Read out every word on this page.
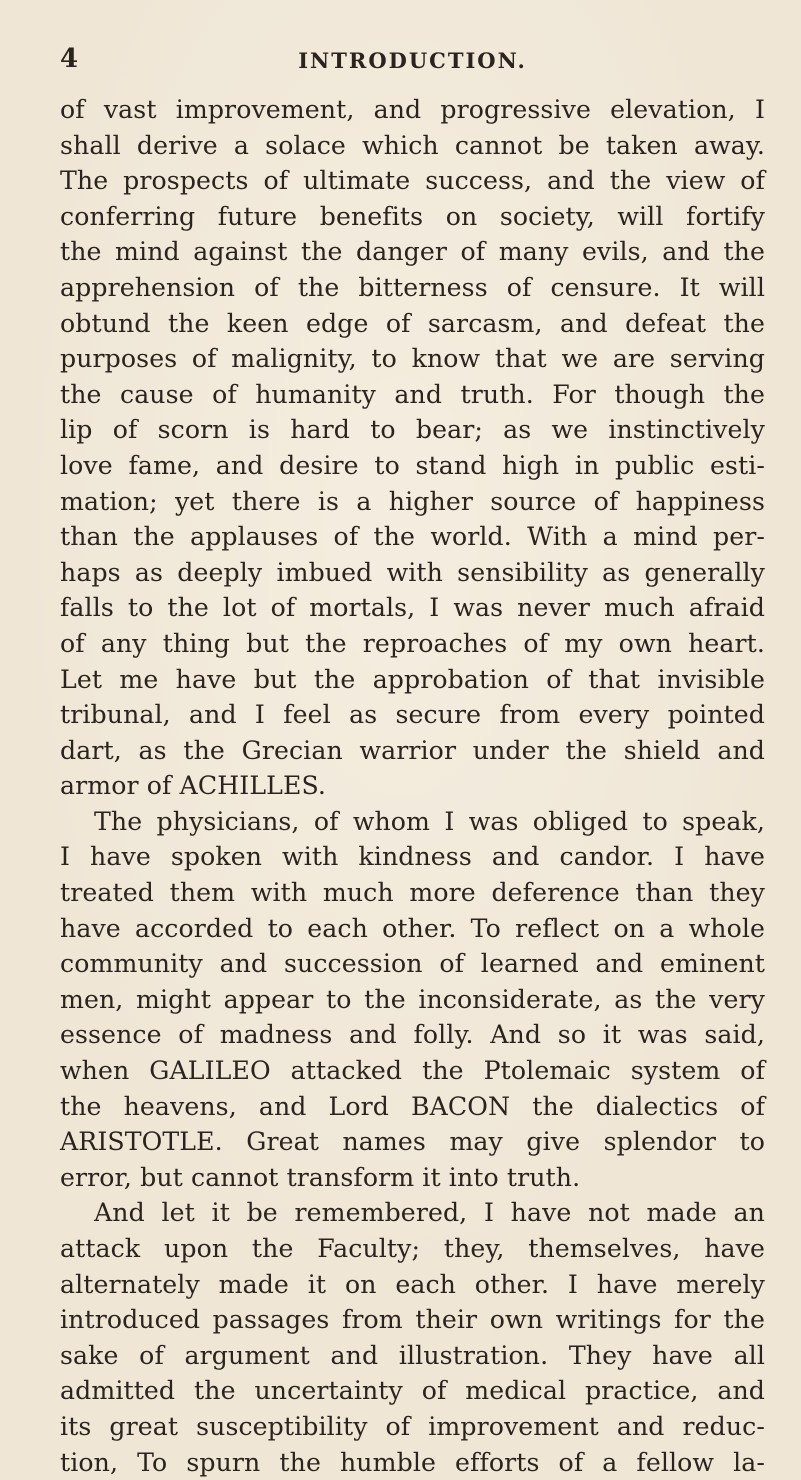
4	INTRODUCTION.
of vast improvement, and progressive elevation, I
shall derive a solace which cannot be taken away.
The prospects of ultimate success, and the view of
conferring future benefits on society, will fortify
the mind against the danger of many evils, and the
apprehension of the bitterness of censure. It will
obtund the keen edge of sarcasm, and defeat the
purposes of malignity, to know that we are serving
the cause of humanity and truth. For though the
lip of scorn is hard to bear; as we instinctively
love fame, and desire to stand high in public esti-
mation; yet there is a higher source of happiness
than the applauses of the world. With a mind per-
haps as deeply imbued with sensibility as generally
falls to the lot of mortals, I was never much afraid
of any thing but the reproaches of my own heart.
Let me have but the approbation of that invisible
tribunal, and I feel as secure from every pointed
dart, as the Grecian warrior under the shield and
armor of ACHILLES.
The physicians, of whom I was obliged to speak,
I have spoken with kindness and candor. I have
treated them with much more deference than they
have accorded to each other. To reflect on a whole
community and succession of learned and eminent
men, might appear to the inconsiderate, as the very
essence of madness and folly. And so it was said,
when GALILEO attacked the Ptolemaic system of
the heavens, and Lord BACON the dialectics of
ARISTOTLE. Great names may give splendor to
error, but cannot transform it into truth.
And let it be remembered, I have not made an
attack upon the Faculty; they, themselves, have
alternately made it on each other. I have merely
introduced passages from their own writings for the
sake of argument and illustration. They have all
admitted the uncertainty of medical practice, and
its great susceptibility of improvement and reduc-
tion, To spurn the humble efforts of a fellow la-
